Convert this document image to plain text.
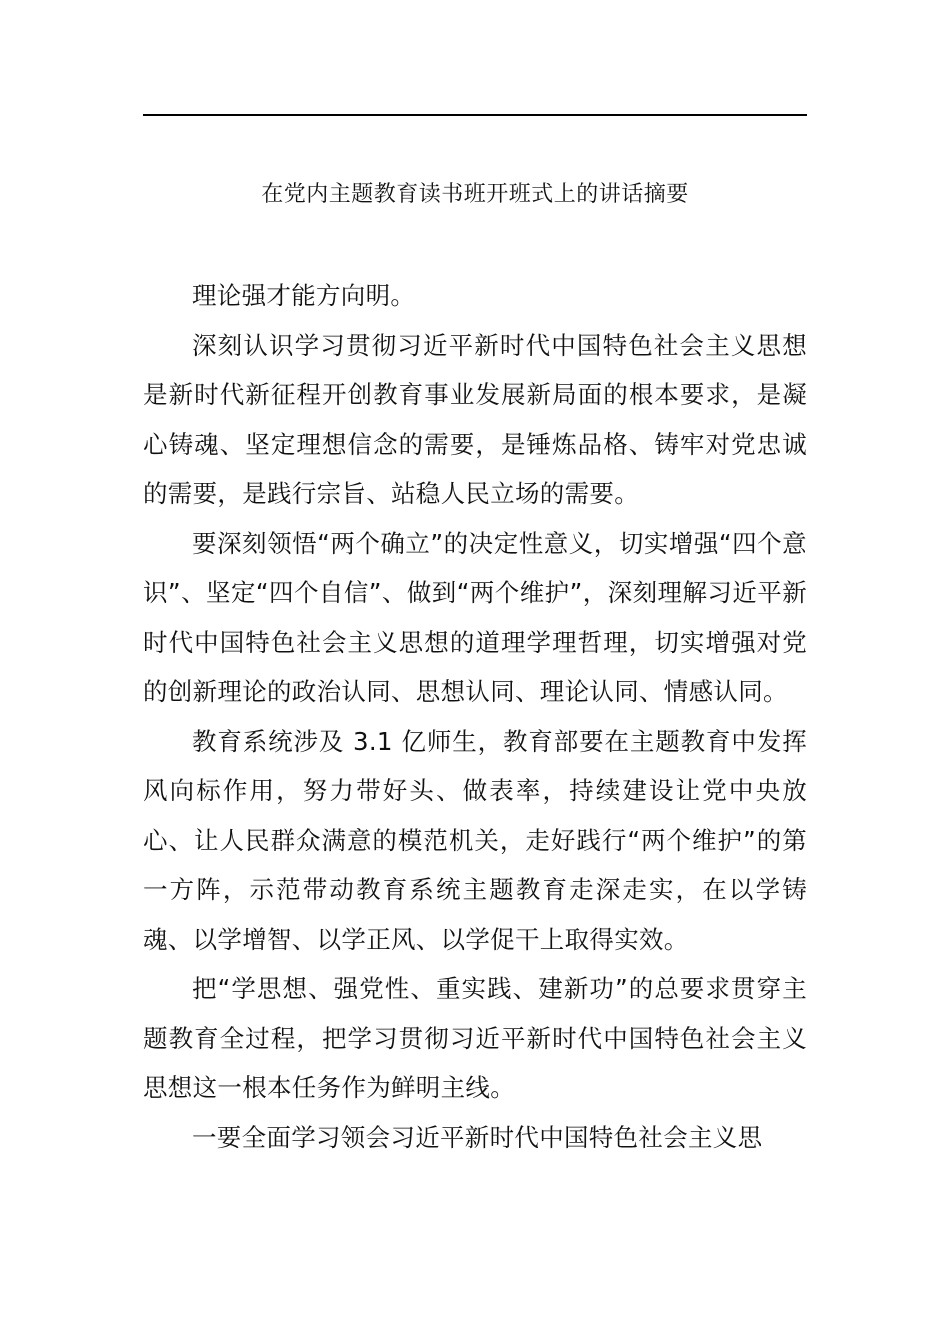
在党内主题教育读书班开班式上的讲话摘要

理论强才能方向明。

深刻认识学习贯彻习近平新时代中国特色社会主义思想是新时代新征程开创教育事业发展新局面的根本要求，是凝心铸魂、坚定理想信念的需要，是锤炼品格、铸牢对党忠诚的需要，是践行宗旨、站稳人民立场的需要。

要深刻领悟“两个确立”的决定性意义，切实增强“四个意识”、坚定“四个自信”、做到“两个维护”，深刻理解习近平新时代中国特色社会主义思想的道理学理哲理，切实增强对党的创新理论的政治认同、思想认同、理论认同、情感认同。

教育系统涉及 3.1 亿师生，教育部要在主题教育中发挥风向标作用，努力带好头、做表率，持续建设让党中央放心、让人民群众满意的模范机关，走好践行“两个维护”的第一方阵，示范带动教育系统主题教育走深走实，在以学铸魂、以学增智、以学正风、以学促干上取得实效。

把“学思想、强党性、重实践、建新功”的总要求贯穿主题教育全过程，把学习贯彻习近平新时代中国特色社会主义思想这一根本任务作为鲜明主线。

一要全面学习领会习近平新时代中国特色社会主义思
